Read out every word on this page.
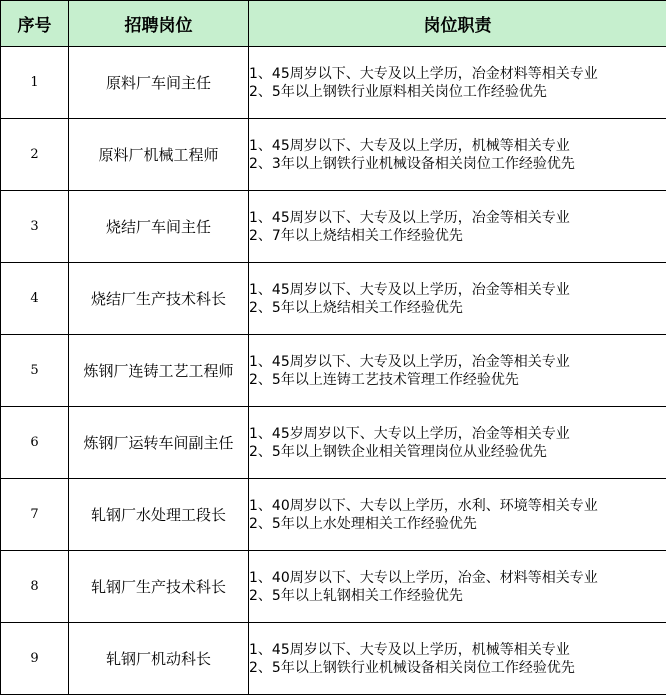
序号	招聘岗位	岗位职责
1	原料厂车间主任	1、45周岁以下、大专及以上学历，冶金材料等相关专业
2、5年以上钢铁行业原料相关岗位工作经验优先

2	原料厂机械工程师	1、45周岁以下、大专及以上学历，机械等相关专业
2、3年以上钢铁行业机械设备相关岗位工作经验优先

3	烧结厂车间主任	1、45周岁以下、大专及以上学历，冶金等相关专业
2、7年以上烧结相关工作经验优先

4	烧结厂生产技术科长	1、45周岁以下、大专及以上学历，冶金等相关专业
2、5年以上烧结相关工作经验优先

5	炼钢厂连铸工艺工程师	1、45周岁以下、大专及以上学历，冶金等相关专业
2、5年以上连铸工艺技术管理工作经验优先

6	炼钢厂运转车间副主任	1、45岁周岁以下、大专以上学历，冶金等相关专业
2、5年以上钢铁企业相关管理岗位从业经验优先

7	轧钢厂水处理工段长	1、40周岁以下、大专以上学历，水利、环境等相关专业
2、5年以上水处理相关工作经验优先

8	轧钢厂生产技术科长	1、40周岁以下、大专以上学历，冶金、材料等相关专业
2、5年以上轧钢相关工作经验优先

9	轧钢厂机动科长	1、45周岁以下、大专及以上学历，机械等相关专业
2、5年以上钢铁行业机械设备相关岗位工作经验优先
